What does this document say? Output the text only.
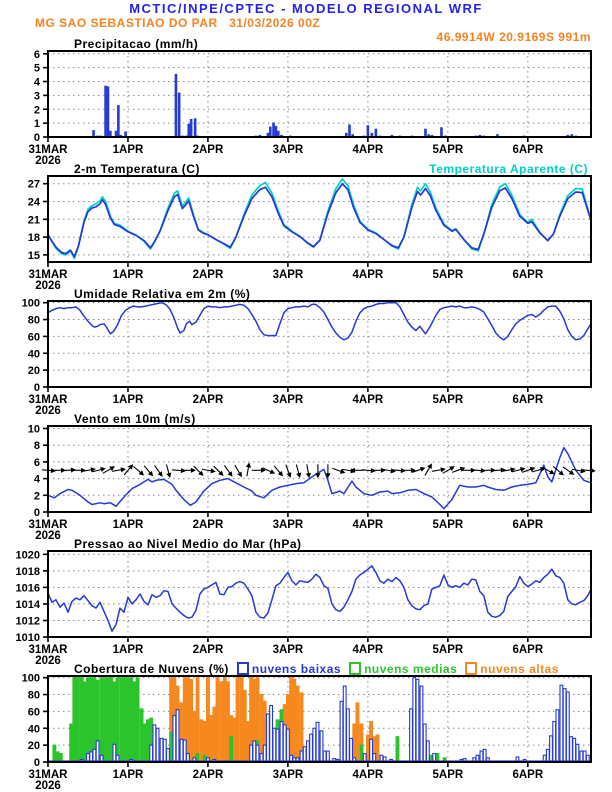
MCTIC/INPE/CPTEC - MODELO REGIONAL WRF
MG SAO SEBASTIAO DO PAR   31/03/2026 00Z
46.9914W 20.9169S 991m
Precipitacao (mm/h)
0
1
2
3
4
5
6
31MAR
2026
1APR	2APR	3APR	4APR	5APR	6APR
2-m Temperatura (C)	Temperatura Aparente (C)
15
18
21
24
27
31MAR
2026
1APR	2APR	3APR	4APR	5APR	6APR
Umidade Relativa em 2m (%)
0
20
40
60
80
100
31MAR
2026
1APR	2APR	3APR	4APR	5APR	6APR
Vento em 10m (m/s)
0
2
4
6
8
10
31MAR
2026
1APR	2APR	3APR	4APR	5APR	6APR
Pressao ao Nivel Medio do Mar (hPa)
1010
1012
1014
1016
1018
1020
31MAR
2026
1APR	2APR	3APR	4APR	5APR	6APR
Cobertura de Nuvens (%) nuvens baixas nuvens medias nuvens altas
0
20
40
60
80
100
31MAR
2026
1APR	2APR	3APR	4APR	5APR	6APR
